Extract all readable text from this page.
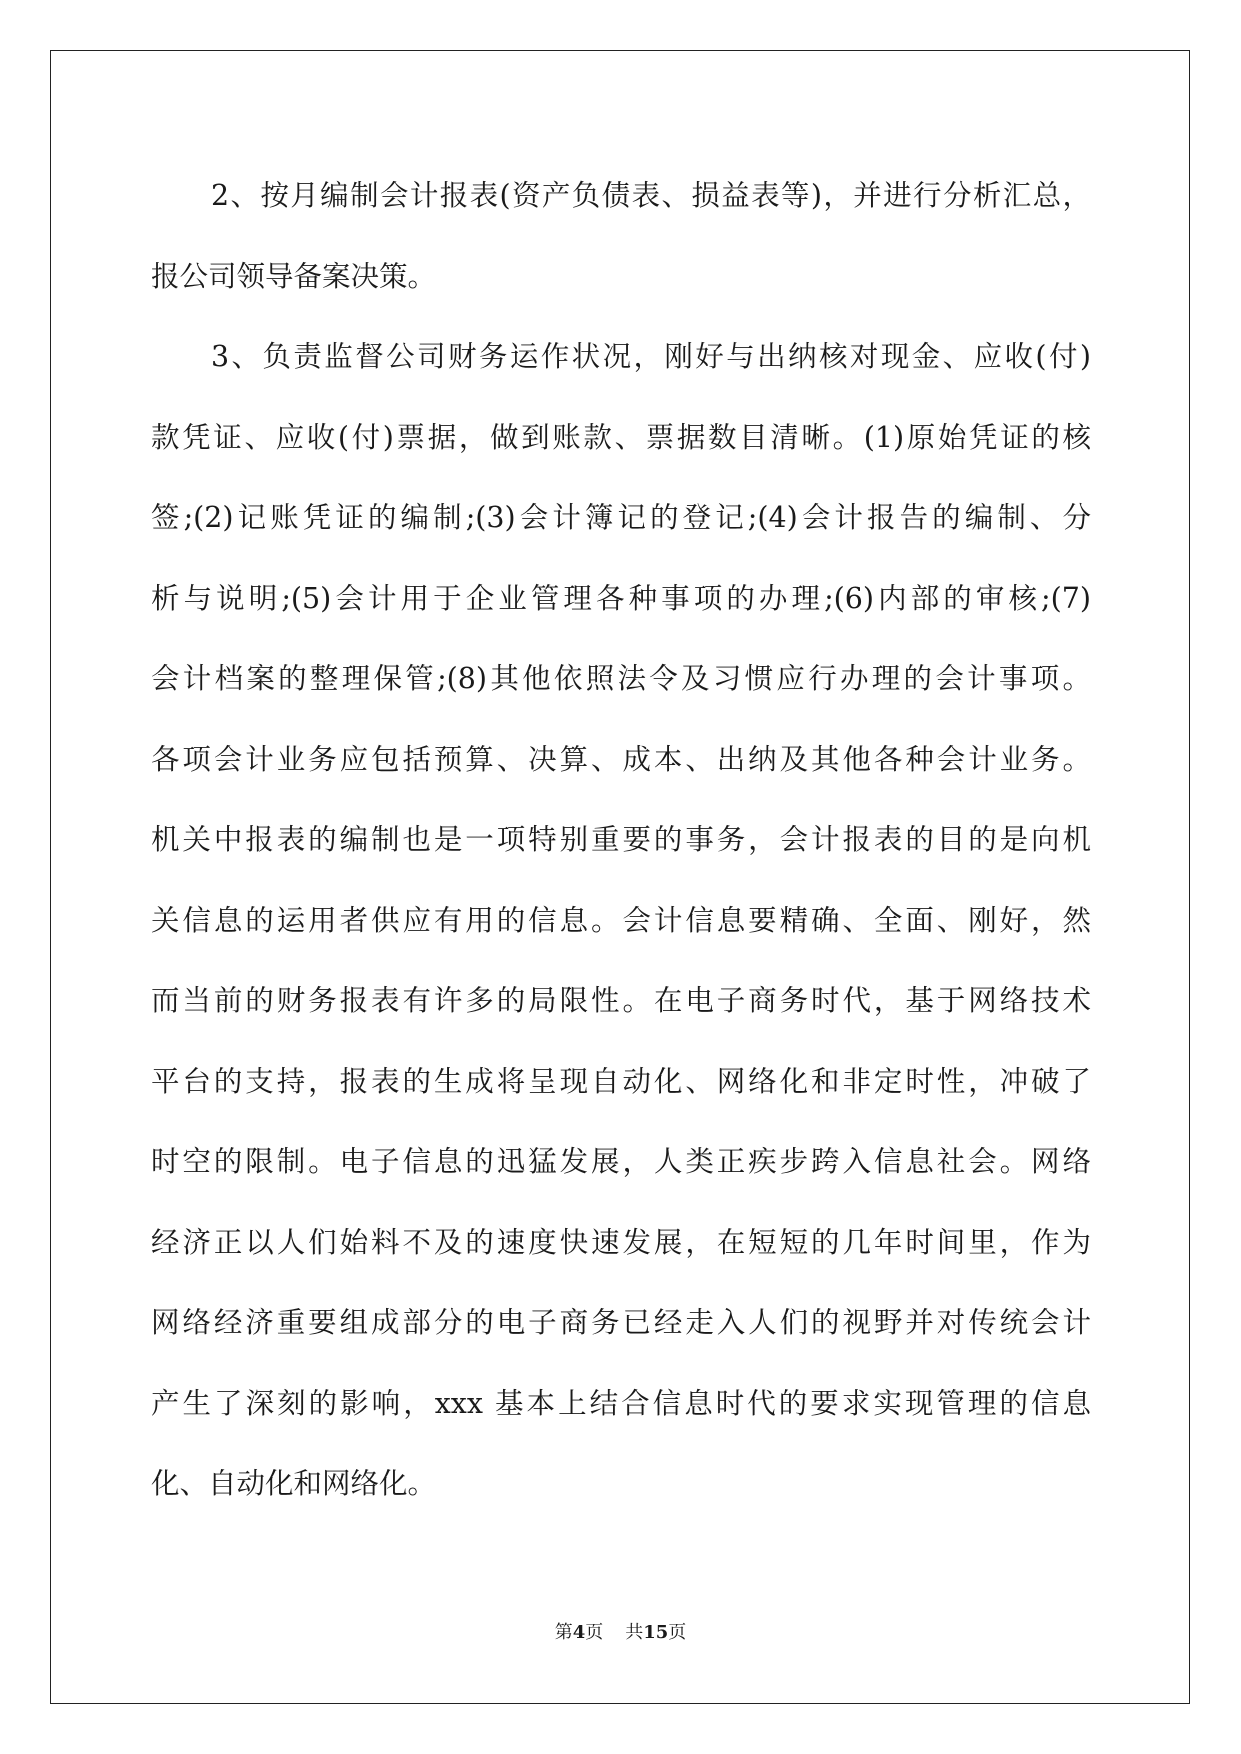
2、按月编制会计报表(资产负债表、损益表等)，并进行分析汇总，
报公司领导备案决策。
3、负责监督公司财务运作状况，刚好与出纳核对现金、应收(付)
款凭证、应收(付)票据，做到账款、票据数目清晰。(1)原始凭证的核
签;(2)记账凭证的编制;(3)会计簿记的登记;(4)会计报告的编制、分
析与说明;(5)会计用于企业管理各种事项的办理;(6)内部的审核;(7)
会计档案的整理保管;(8)其他依照法令及习惯应行办理的会计事项。
各项会计业务应包括预算、决算、成本、出纳及其他各种会计业务。
机关中报表的编制也是一项特别重要的事务，会计报表的目的是向机
关信息的运用者供应有用的信息。会计信息要精确、全面、刚好，然
而当前的财务报表有许多的局限性。在电子商务时代，基于网络技术
平台的支持，报表的生成将呈现自动化、网络化和非定时性，冲破了
时空的限制。电子信息的迅猛发展，人类正疾步跨入信息社会。网络
经济正以人们始料不及的速度快速发展，在短短的几年时间里，作为
网络经济重要组成部分的电子商务已经走入人们的视野并对传统会计
产生了深刻的影响，xxx 基本上结合信息时代的要求实现管理的信息
化、自动化和网络化。
第4页 共15页
